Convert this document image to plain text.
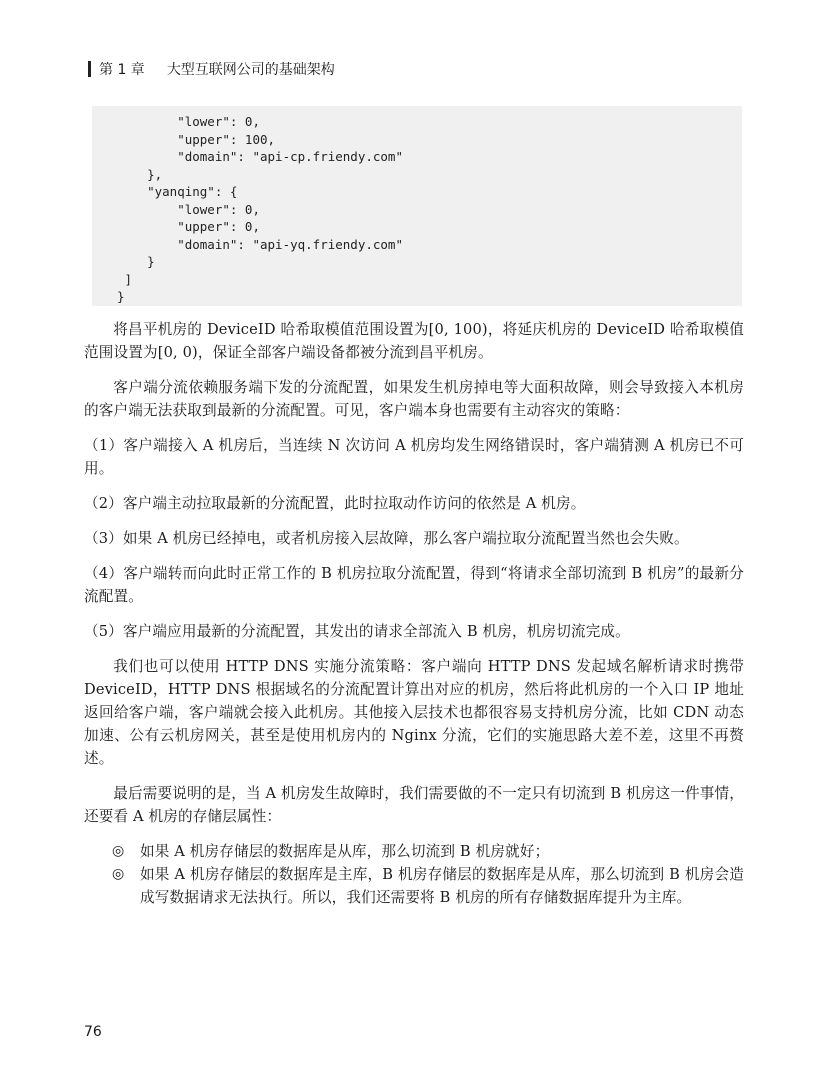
第 1 章 大型互联网公司的基础架构
"lower": 0,
"upper": 100,
"domain": "api-cp.friendy.com"
},
"yanqing": {
"lower": 0,
"upper": 0,
"domain": "api-yq.friendy.com"
}
]
}

将昌平机房的 DeviceID 哈希取模值范围设置为[0, 100)，将延庆机房的 DeviceID 哈希取模值范围设置为[0, 0)，保证全部客户端设备都被分流到昌平机房。

客户端分流依赖服务端下发的分流配置，如果发生机房掉电等大面积故障，则会导致接入本机房的客户端无法获取到最新的分流配置。可见，客户端本身也需要有主动容灾的策略：

（1）客户端接入 A 机房后，当连续 N 次访问 A 机房均发生网络错误时，客户端猜测 A 机房已不可用。

（2）客户端主动拉取最新的分流配置，此时拉取动作访问的依然是 A 机房。

（3）如果 A 机房已经掉电，或者机房接入层故障，那么客户端拉取分流配置当然也会失败。

（4）客户端转而向此时正常工作的 B 机房拉取分流配置，得到“将请求全部切流到 B 机房”的最新分流配置。

（5）客户端应用最新的分流配置，其发出的请求全部流入 B 机房，机房切流完成。

我们也可以使用 HTTP DNS 实施分流策略：客户端向 HTTP DNS 发起域名解析请求时携带 DeviceID，HTTP DNS 根据域名的分流配置计算出对应的机房，然后将此机房的一个入口 IP 地址返回给客户端，客户端就会接入此机房。其他接入层技术也都很容易支持机房分流，比如 CDN 动态加速、公有云机房网关，甚至是使用机房内的 Nginx 分流，它们的实施思路大差不差，这里不再赘述。

最后需要说明的是，当 A 机房发生故障时，我们需要做的不一定只有切流到 B 机房这一件事情，还要看 A 机房的存储层属性：

◎	如果 A 机房存储层的数据库是从库，那么切流到 B 机房就好；
◎	如果 A 机房存储层的数据库是主库，B 机房存储层的数据库是从库，那么切流到 B 机房会造成写数据请求无法执行。所以，我们还需要将 B 机房的所有存储数据库提升为主库。
76
